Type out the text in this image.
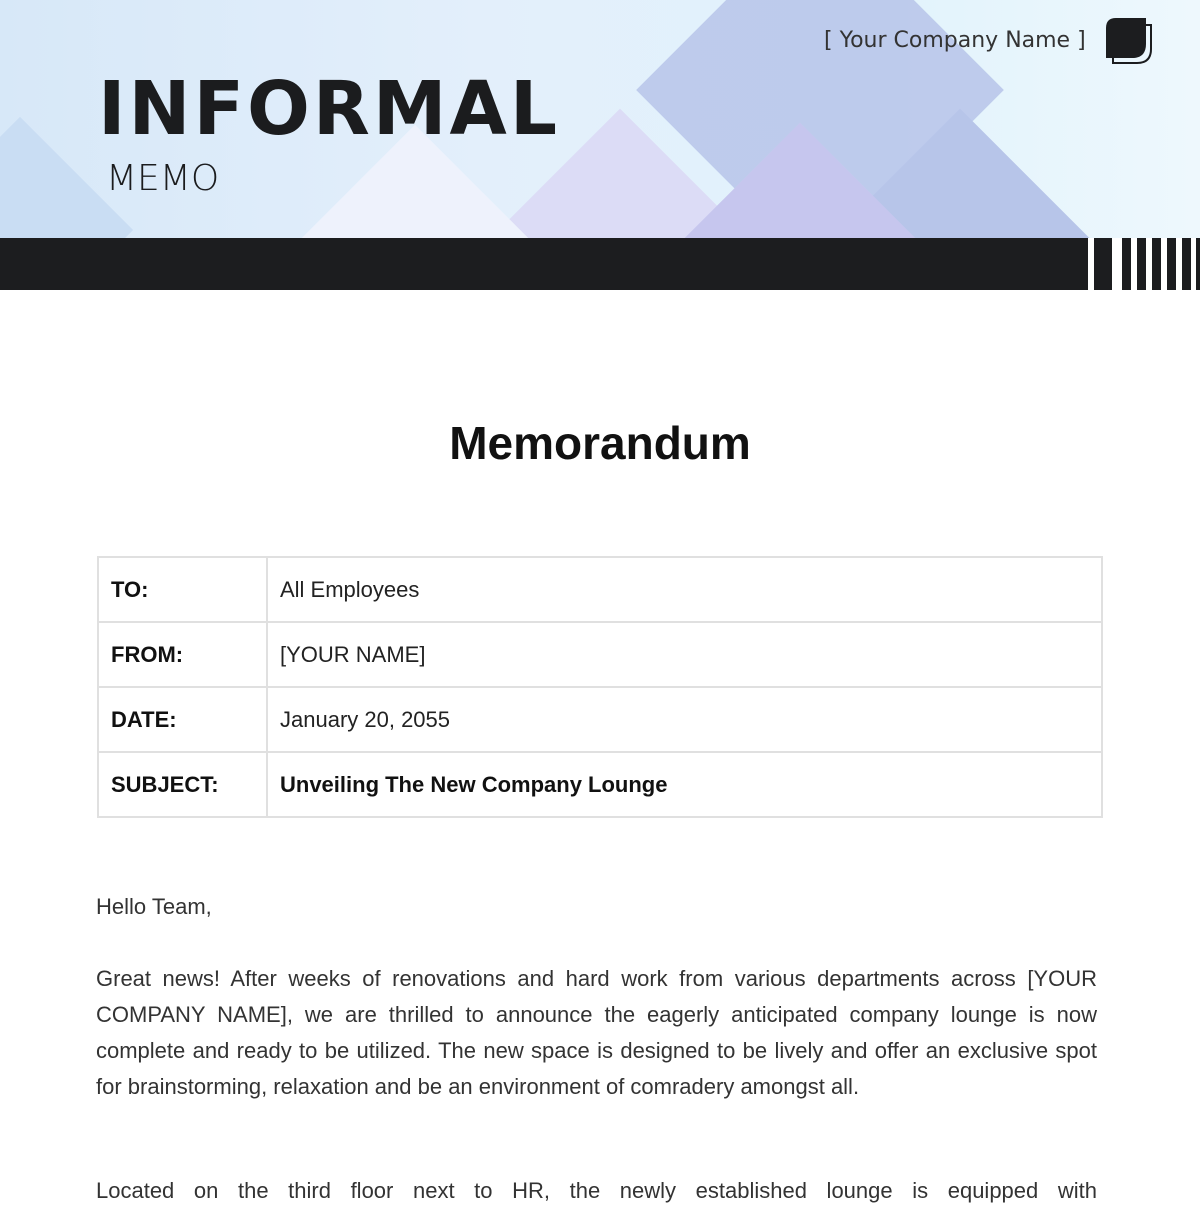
INFORMAL
MEMO
[ Your Company Name ]
Memorandum
TO:	All Employees
FROM:	[YOUR NAME]
DATE:	January 20, 2055
SUBJECT:	Unveiling The New Company Lounge
Hello Team,
Great news! After weeks of renovations and hard work from various departments across [YOUR COMPANY NAME], we are thrilled to announce the eagerly anticipated company lounge is now complete and ready to be utilized. The new space is designed to be lively and offer an exclusive spot for brainstorming, relaxation and be an environment of comradery amongst all.
Located on the third floor next to HR, the newly established lounge is equipped with
